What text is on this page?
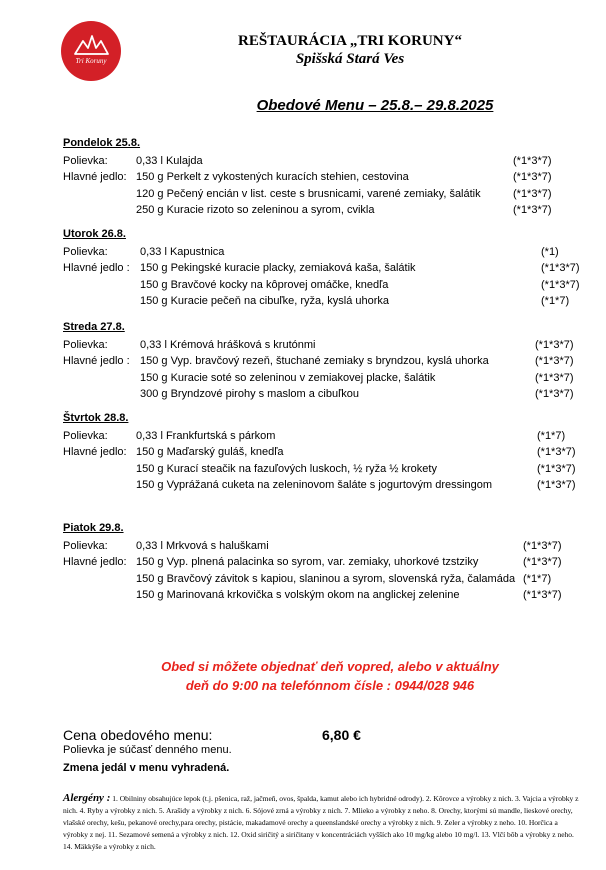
Tri Koruny
REŠTAURÁCIA „TRI KORUNY“
Spišská Stará Ves
Obedové Menu – 25.8.– 29.8.2025
Pondelok 25.8.
Polievka:	0,33 l Kulajda	(*1*3*7)
Hlavné jedlo: 150 g Perkelt z vykostených kuracích stehien, cestovina	(*1*3*7)
120 g Pečený encián v list. ceste s brusnicami, varené zemiaky, šalátik	(*1*3*7)
250 g Kuracie rizoto so zeleninou a syrom, cvikla	(*1*3*7)
Utorok 26.8.
Polievka:	0,33 l Kapustnica	(*1)
Hlavné jedlo : 150 g Pekingské kuracie placky, zemiaková kaša, šalátik	(*1*3*7)
150 g Bravčové kocky na kôprovej omáčke, knedľa	(*1*3*7)
150 g Kuracie pečeň na cibuľke, ryža, kyslá uhorka	(*1*7)
Streda 27.8.
Polievka:	0,33 l Krémová hrášková s krutónmi	(*1*3*7)
Hlavné jedlo : 150 g Vyp. bravčový rezeň, štuchané zemiaky s bryndzou, kyslá uhorka	(*1*3*7)
150 g Kuracie soté so zeleninou v zemiakovej placke, šalátik	(*1*3*7)
300 g Bryndzové pirohy s maslom a cibuľkou	(*1*3*7)
Štvrtok 28.8.
Polievka:	0,33 l Frankfurtská s párkom	(*1*7)
Hlavné jedlo: 150 g Maďarský guláš, knedľa	(*1*3*7)
150 g Kurací steačik na fazuľových luskoch, ½ ryža ½ krokety	(*1*3*7)
150 g Vyprážaná cuketa na zeleninovom šaláte s jogurtovým dressingom	(*1*3*7)
Piatok 29.8.
Polievka:	0,33 l Mrkvová s haluškami	(*1*3*7)
Hlavné jedlo: 150 g Vyp. plnená palacinka so syrom, var. zemiaky, uhorkové tzstziky	(*1*3*7)
150 g Bravčový závitok s kapiou, slaninou a syrom, slovenská ryža, čalamáda (*1*7)
150 g Marinovaná krkovička s volským okom na anglickej zelenine	(*1*3*7)
Obed si môžete objednať deň vopred, alebo v aktuálny
deň do 9:00 na telefónnom čísle : 0944/028 946
Cena obedového menu:	6,80 €
Polievka je súčasť denného menu.
Zmena jedál v menu vyhradená.
Alergény : 1. Obilniny obsahujúce lepok (t.j. pšenica, raž, jačmeň, ovos, špalda, kamut alebo ich hybridné odrody). 2. Kôrovce a výrobky z nich. 3. Vajcia a výrobky z nich. 4. Ryby a výrobky z nich. 5. Arašidy a výrobky z nich. 6. Sójové zrná a výrobky z nich. 7. Mlieko a výrobky z neho. 8. Orechy, ktorými sú mandle, lieskové orechy, vlašské orechy, kešu, pekanové orechy,para orechy, pistácie, makadamové orechy a queenslandské orechy a výrobky z nich. 9. Zeler a výrobky z neho. 10. Horčica a výrobky z nej. 11. Sezamové semená a výrobky z nich. 12. Oxid siričitý a siričitany v koncentráciách vyšších ako 10 mg/kg alebo 10 mg/l. 13. Vlčí bôb a výrobky z neho. 14. Mäkkýše a výrobky z nich.
